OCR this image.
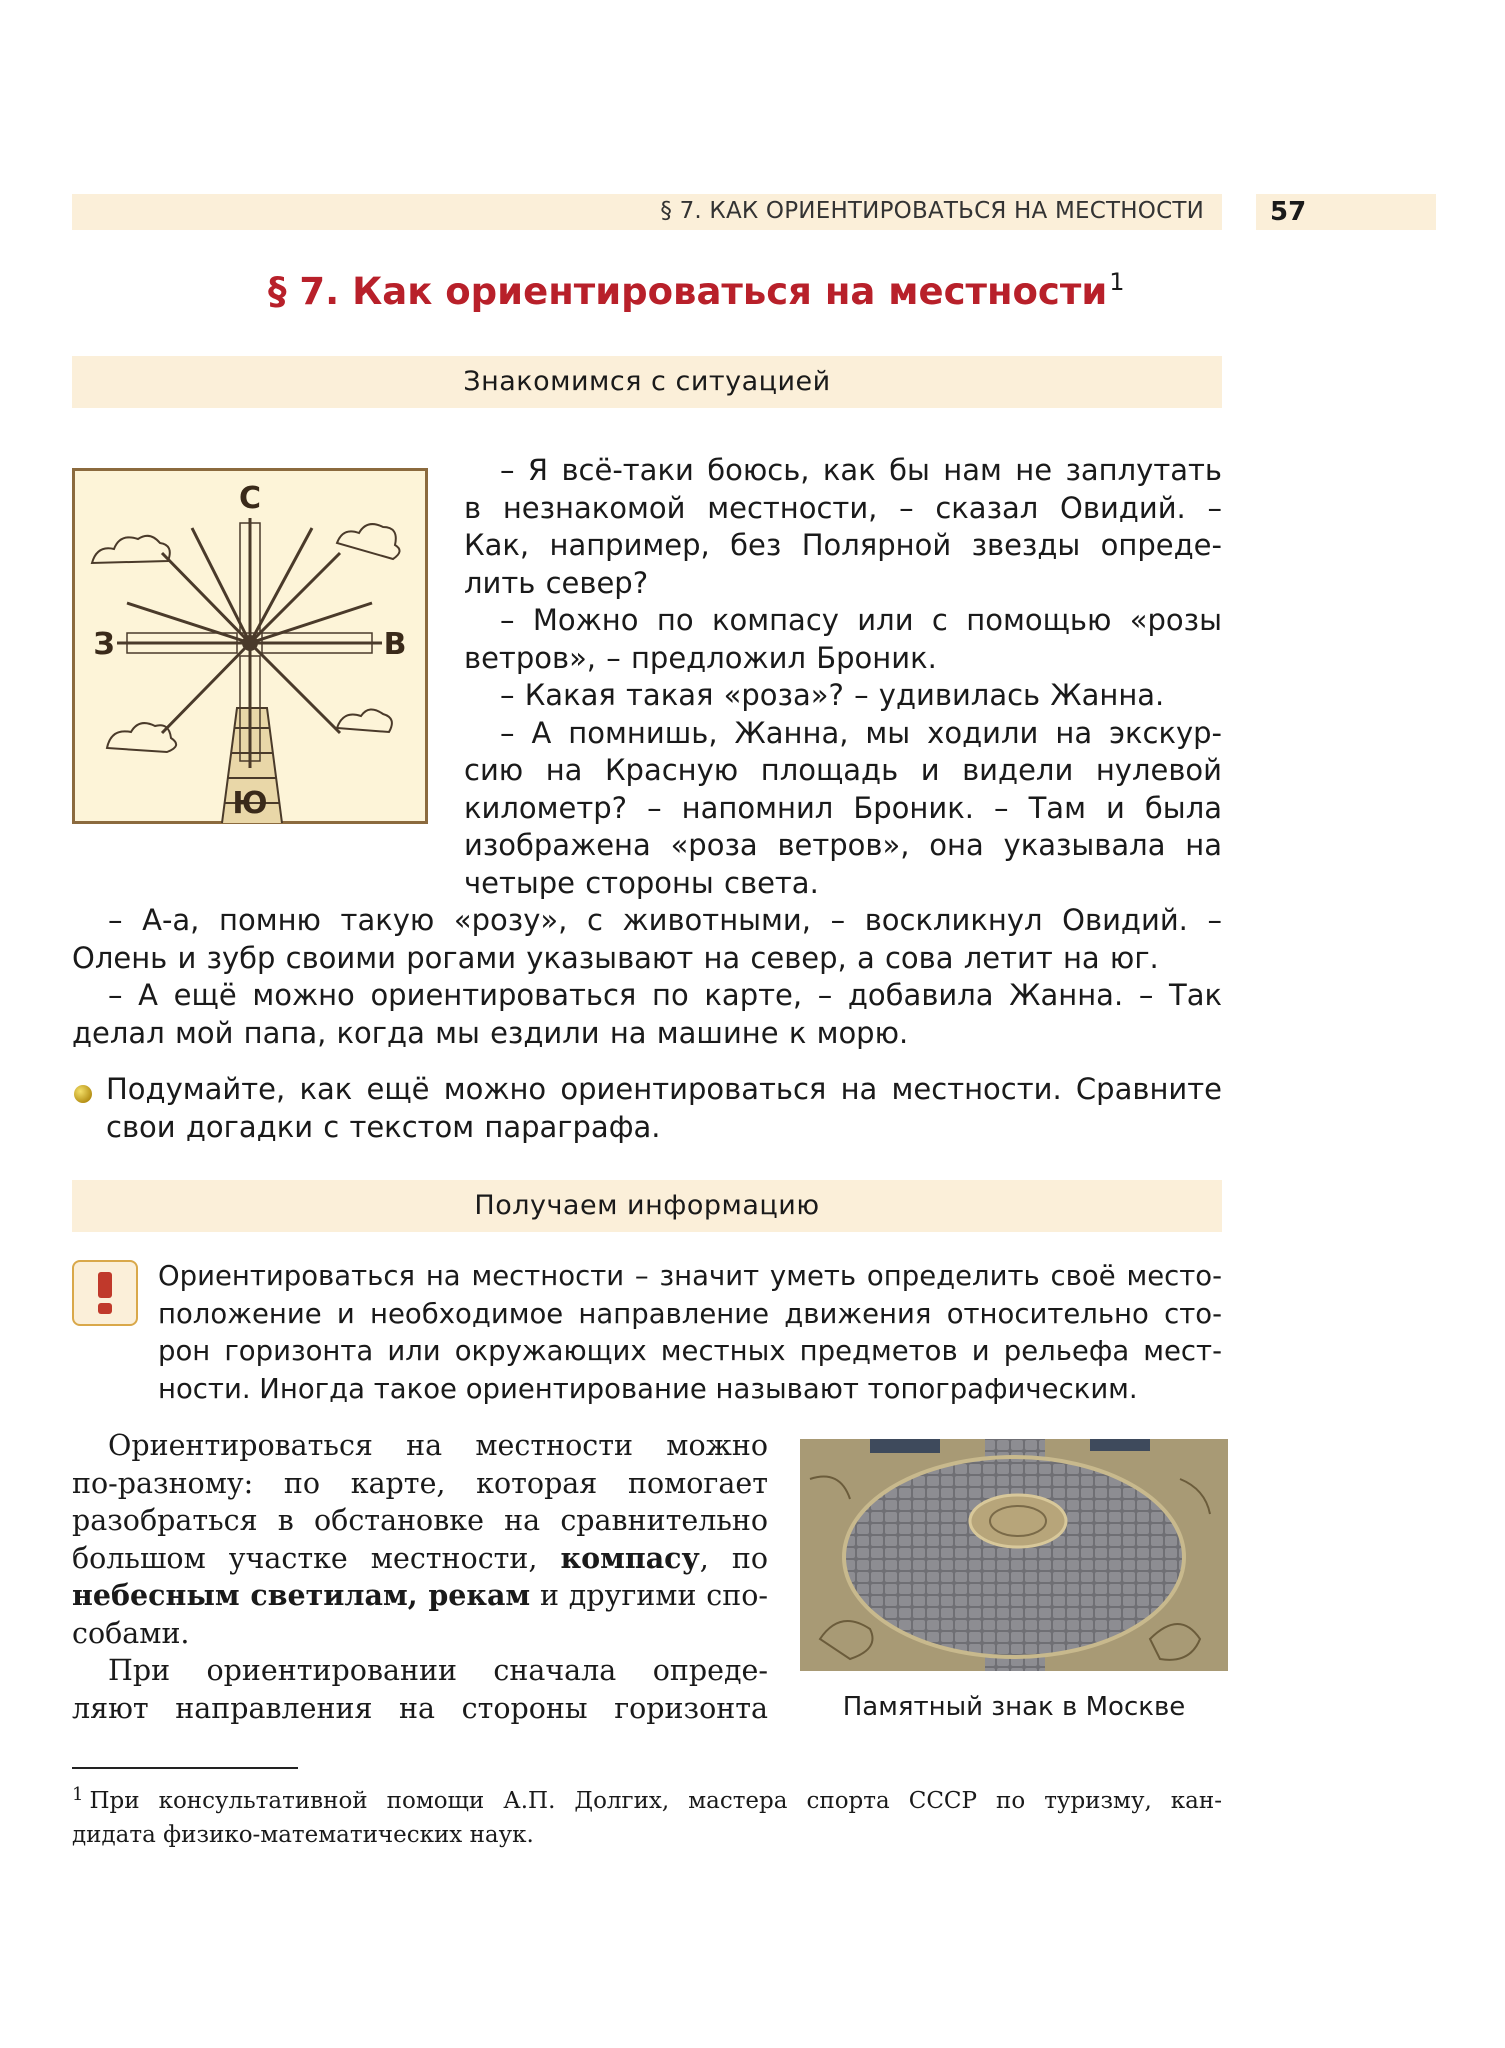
§ 7. КАК ОРИЕНТИРОВАТЬСЯ НА МЕСТНОСТИ	57
§ 7. Как ориентироваться на местности$^1$
Знакомимся с ситуацией
С
Ю
З	В

– Я всё-таки боюсь, как бы нам не заплутать

в незнакомой местности, – сказал Овидий. –

Как, например, без Полярной звезды опреде-

лить север?

– Можно по компасу или с помощью «розы

ветров», – предложил Броник.

– Какая такая «роза»? – удивилась Жанна.

– А помнишь, Жанна, мы ходили на экскур-

сию на Красную площадь и видели нулевой

километр? – напомнил Броник. – Там и была

изображена «роза ветров», она указывала на

четыре стороны света.

– А-а, помню такую «розу», с животными, – воскликнул Овидий. –

Олень и зубр своими рогами указывают на север, а сова летит на юг.

– А ещё можно ориентироваться по карте, – добавила Жанна. – Так

делал мой папа, когда мы ездили на машине к морю.

Подумайте, как ещё можно ориентироваться на местности. Сравните

свои догадки с текстом параграфа.

Получаем информацию

Ориентироваться на местности – значит уметь определить своё место-

положение и необходимое направление движения относительно сто-

рон горизонта или окружающих местных предметов и рельефа мест-

ности. Иногда такое ориентирование называют топографическим.

Ориентироваться на местности можно

по-разному: по карте, которая помогает

разобраться в обстановке на сравнительно

большом участке местности, компасу, по

небесным светилам, рекам и другими спо-

собами.

При ориентировании сначала опреде-

ляют направления на стороны горизонта	Памятный знак в Москве

$^1$ При консультативной помощи А.П. Долгих, мастера спорта СССР по туризму, кан-

дидата физико-математических наук.
